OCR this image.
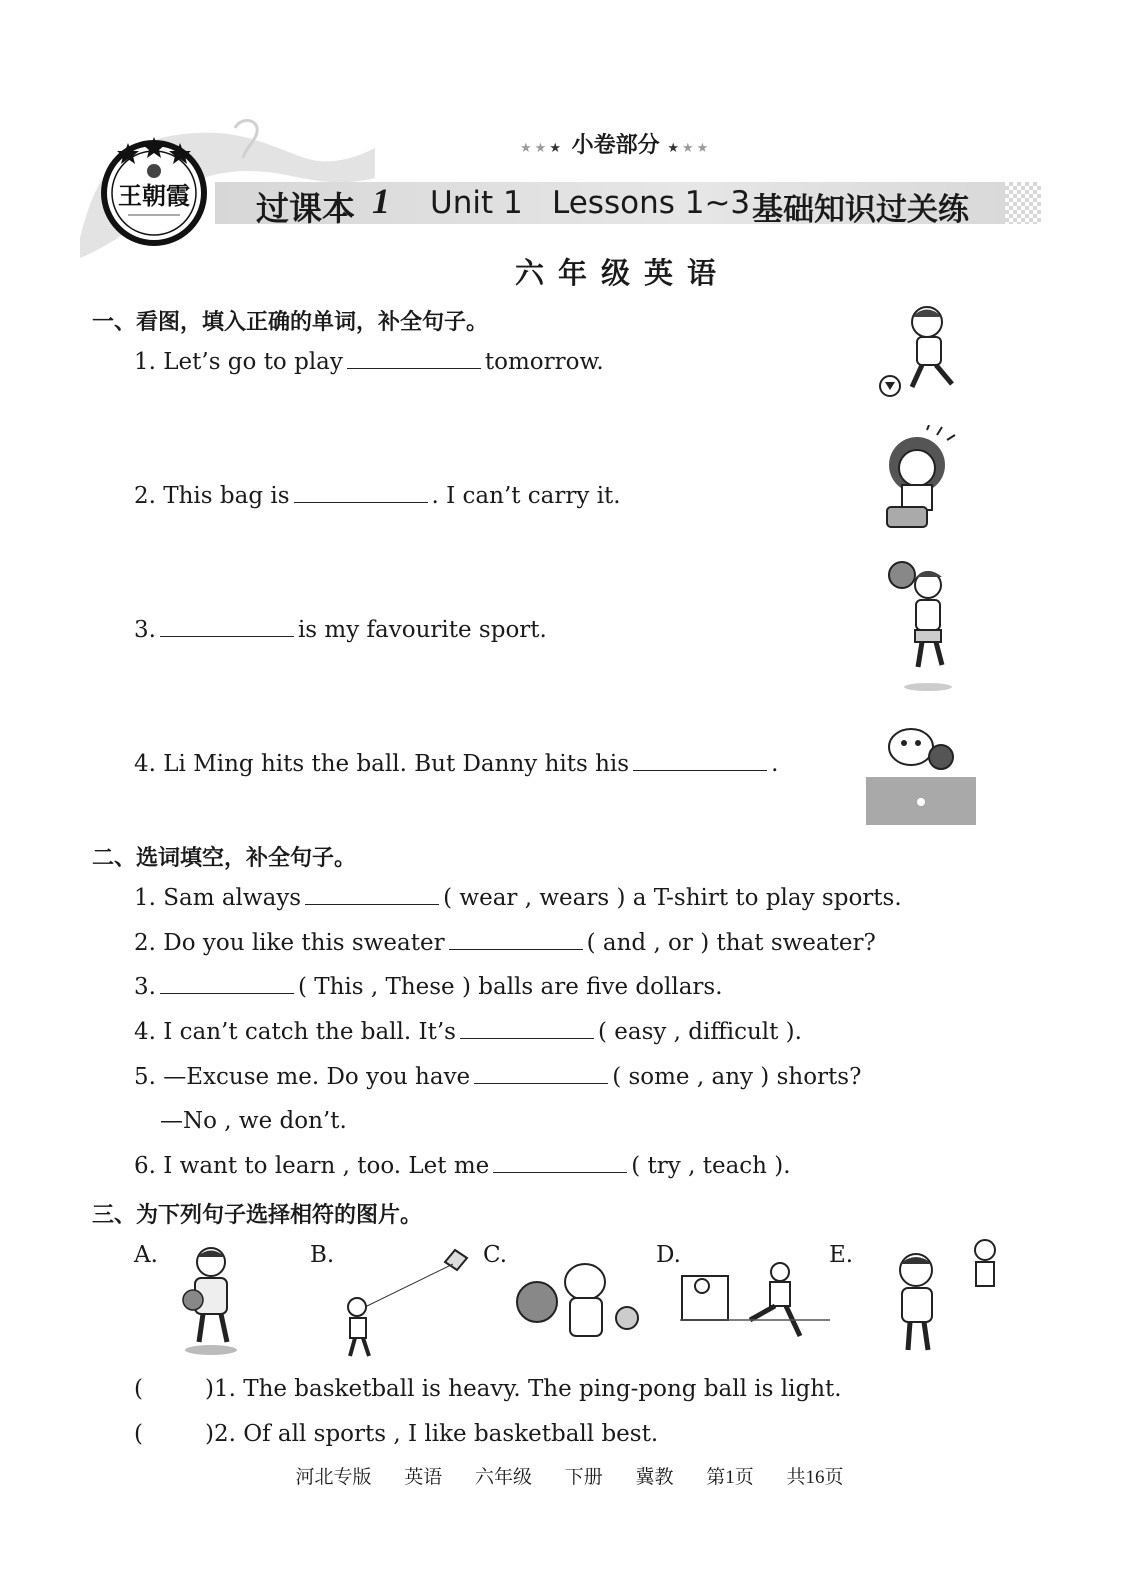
王朝霞
★★★ 小卷部分 ★★★
过课本 1 Unit 1 Lessons 1~3 基础知识过关练
六年级英语
一、看图，填入正确的单词，补全句子。
1. Let’s go to play	tomorrow.
2. This bag is	. I can’t carry it.
3.	is my favourite sport.
4. Li Ming hits the ball. But Danny hits his	.
二、选词填空，补全句子。
1. Sam always	( wear , wears ) a T-shirt to play sports.
2. Do you like this sweater	( and , or ) that sweater?
3.	( This , These ) balls are five dollars.
4. I can’t catch the ball. It’s	( easy , difficult ).
5. —Excuse me. Do you have	( some , any ) shorts?
—No , we don’t.
6. I want to learn , too. Let me	( try , teach ).
三、为下列句子选择相符的图片。
A.	B.	C.	D.	E.
(	)1. The basketball is heavy. The ping-pong ball is light.
(	)2. Of all sports , I like basketball best.
河北专版 英语 六年级 下册 冀教 第1页 共16页
